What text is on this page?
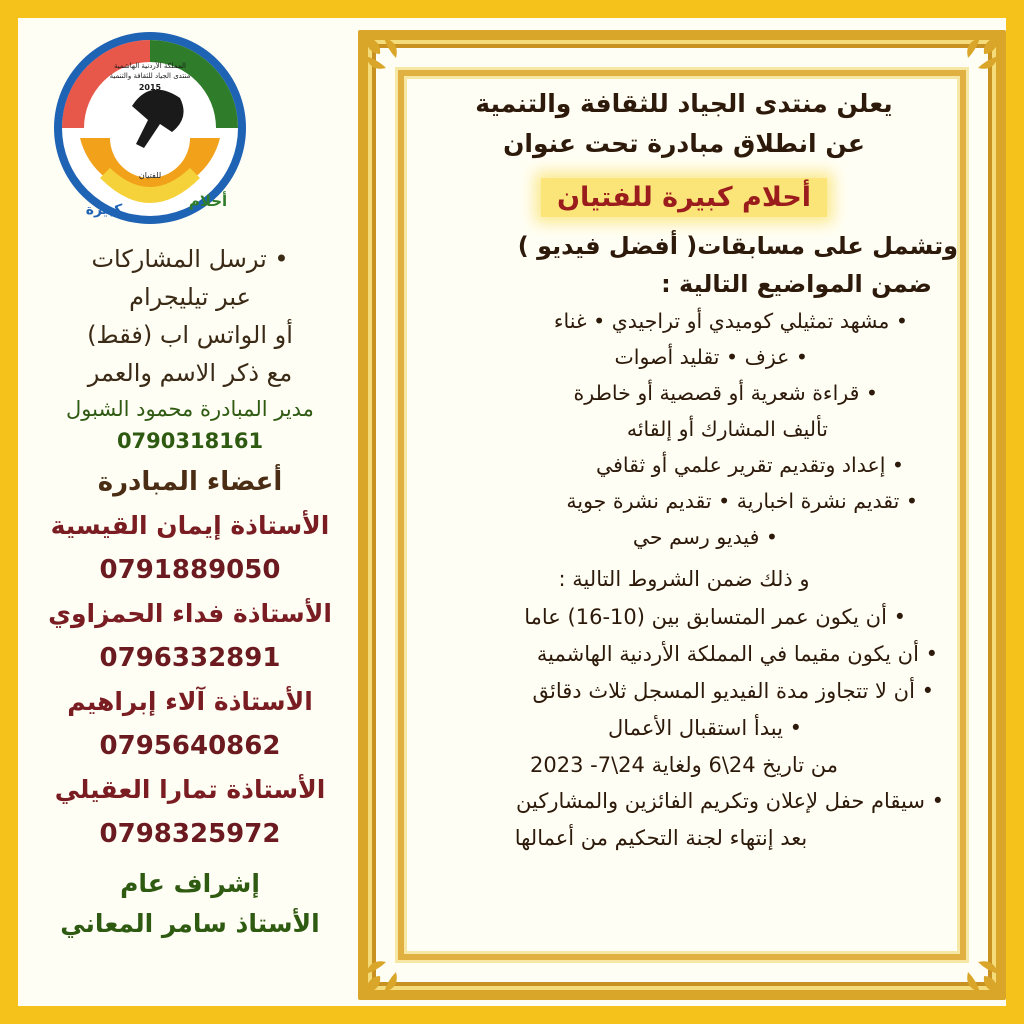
المملكة الأردنية الهاشمية
منتدى الجياد للثقافة والتنمية
2015
للفتيان
أحلام
كبيرة
• ترسل المشاركات
عبر تيليجرام
أو الواتس اب (فقط)
مع ذكر الاسم والعمر
مدير المبادرة محمود الشبول
0790318161
أعضاء المبادرة
الأستاذة إيمان القيسية
0791889050
الأستاذة فداء الحمزاوي
0796332891
الأستاذة آلاء إبراهيم
0795640862
الأستاذة تمارا العقيلي
0798325972
إشراف عام
الأستاذ سامر المعاني
يعلن منتدى الجياد للثقافة والتنمية
عن انطلاق مبادرة تحت عنوان
أحلام كبيرة للفتيان
وتشمل على مسابقات( أفضل فيديو )
ضمن المواضيع التالية :
• مشهد تمثيلي كوميدي أو تراجيدي • غناء
• عزف • تقليد أصوات
• قراءة شعرية أو قصصية أو خاطرة
تأليف المشارك أو إلقائه
• إعداد وتقديم تقرير علمي أو ثقافي
• تقديم نشرة اخبارية • تقديم نشرة جوية
• فيديو رسم حي
و ذلك ضمن الشروط التالية :
• أن يكون عمر المتسابق بين (10-16) عاما
• أن يكون مقيما في المملكة الأردنية الهاشمية
• أن لا تتجاوز مدة الفيديو المسجل ثلاث دقائق
• يبدأ استقبال الأعمال
من تاريخ 24\6 ولغاية 24\7- 2023
• سيقام حفل لإعلان وتكريم الفائزين والمشاركين
بعد إنتهاء لجنة التحكيم من أعمالها
